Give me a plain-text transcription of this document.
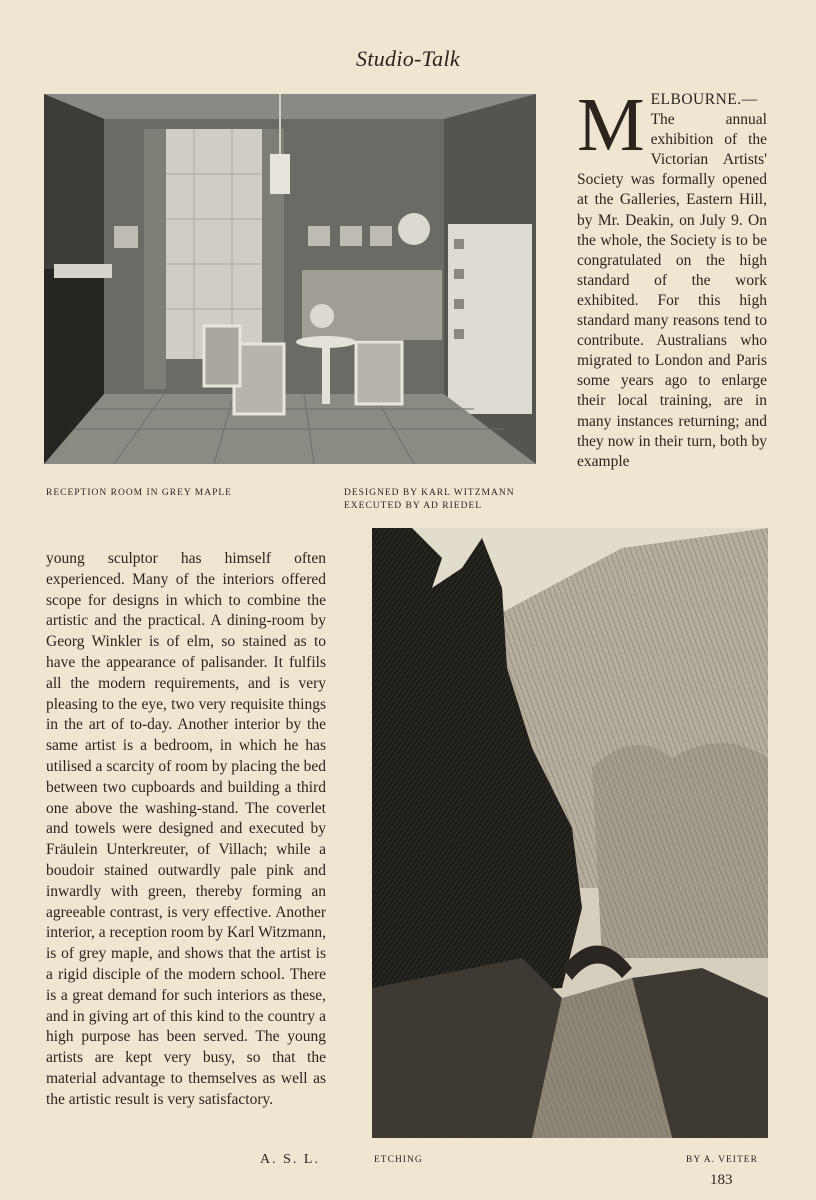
Studio-Talk
RECEPTION ROOM IN GREY MAPLE	DESIGNED BY KARL WITZMANN
EXECUTED BY AD RIEDEL
MELBOURNE.— The annual exhibition of the Victorian Artists' Society was formally opened at the Galleries, Eastern Hill, by Mr. Deakin, on July 9. On the whole, the Society is to be congratulated on the high standard of the work exhibited. For this high standard many reasons tend to contribute. Australians who migrated to London and Paris some years ago to enlarge their local training, are in many instances returning; and they now in their turn, both by example
young sculptor has himself often experienced. Many of the interiors offered scope for designs in which to combine the artistic and the practical. A dining-room by Georg Winkler is of elm, so stained as to have the appearance of palisander. It fulfils all the modern requirements, and is very pleasing to the eye, two very requisite things in the art of to-day. Another interior by the same artist is a bedroom, in which he has utilised a scarcity of room by placing the bed between two cupboards and building a third one above the washing-stand. The coverlet and towels were designed and executed by Fräulein Unterkreuter, of Villach; while a boudoir stained outwardly pale pink and inwardly with green, thereby forming an agreeable contrast, is very effective. Another interior, a reception room by Karl Witzmann, is of grey maple, and shows that the artist is a rigid disciple of the modern school. There is a great demand for such interiors as these, and in giving art of this kind to the country a high purpose has been served. The young artists are kept very busy, so that the material advantage to themselves as well as the artistic result is very satisfactory.
A. S. L.	ETCHING	BY A. VEITER
183
